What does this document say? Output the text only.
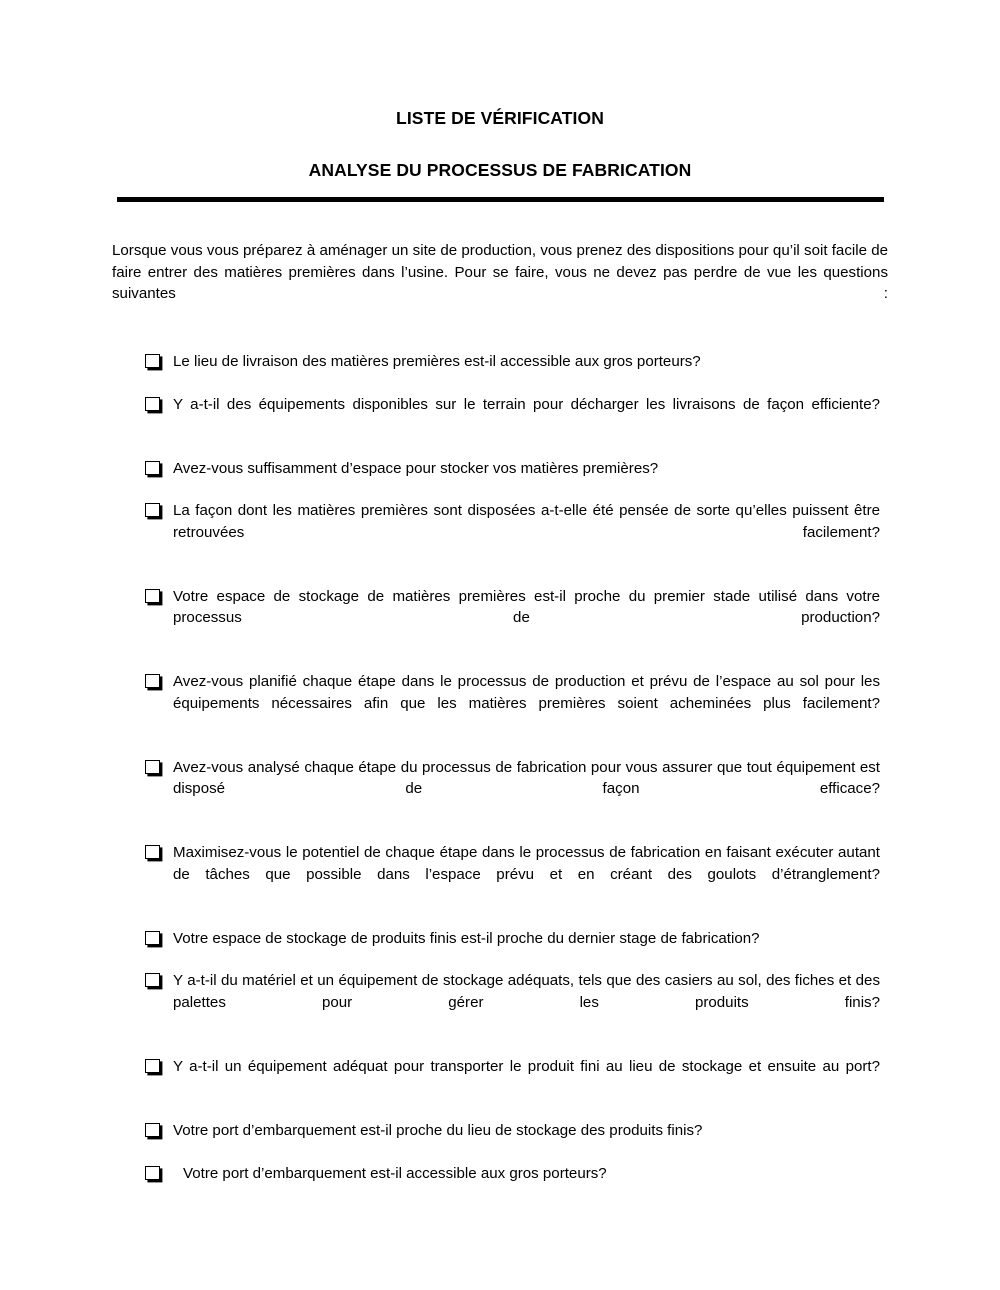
LISTE DE VÉRIFICATION
ANALYSE DU PROCESSUS DE FABRICATION

Lorsque vous vous préparez à aménager un site de production, vous prenez des dispositions pour qu’il soit facile de faire entrer des matières premières dans l’usine. Pour se faire, vous ne devez pas perdre de vue les questions suivantes :

Le lieu de livraison des matières premières est-il accessible aux gros porteurs?
Y a-t-il des équipements disponibles sur le terrain pour décharger les livraisons de façon efficiente?
Avez-vous suffisamment d’espace pour stocker vos matières premières?
La façon dont les matières premières sont disposées a-t-elle été pensée de sorte qu’elles puissent être retrouvées facilement?
Votre espace de stockage de matières premières est-il proche du premier stade utilisé dans votre processus de production?
Avez-vous planifié chaque étape dans le processus de production et prévu de l’espace au sol pour les équipements nécessaires afin que les matières premières soient acheminées plus facilement?
Avez-vous analysé chaque étape du processus de fabrication pour vous assurer que tout équipement est disposé de façon efficace?
Maximisez-vous le potentiel de chaque étape dans le processus de fabrication en faisant exécuter autant de tâches que possible dans l’espace prévu et en créant des goulots d’étranglement?
Votre espace de stockage de produits finis est-il proche du dernier stage de fabrication?
Y a-t-il du matériel et un équipement de stockage adéquats, tels que des casiers au sol, des fiches et des palettes pour gérer les produits finis?
Y a-t-il un équipement adéquat pour transporter le produit fini au lieu de stockage et ensuite au port?
Votre port d’embarquement est-il proche du lieu de stockage des produits finis?
Votre port d’embarquement est-il accessible aux gros porteurs?
